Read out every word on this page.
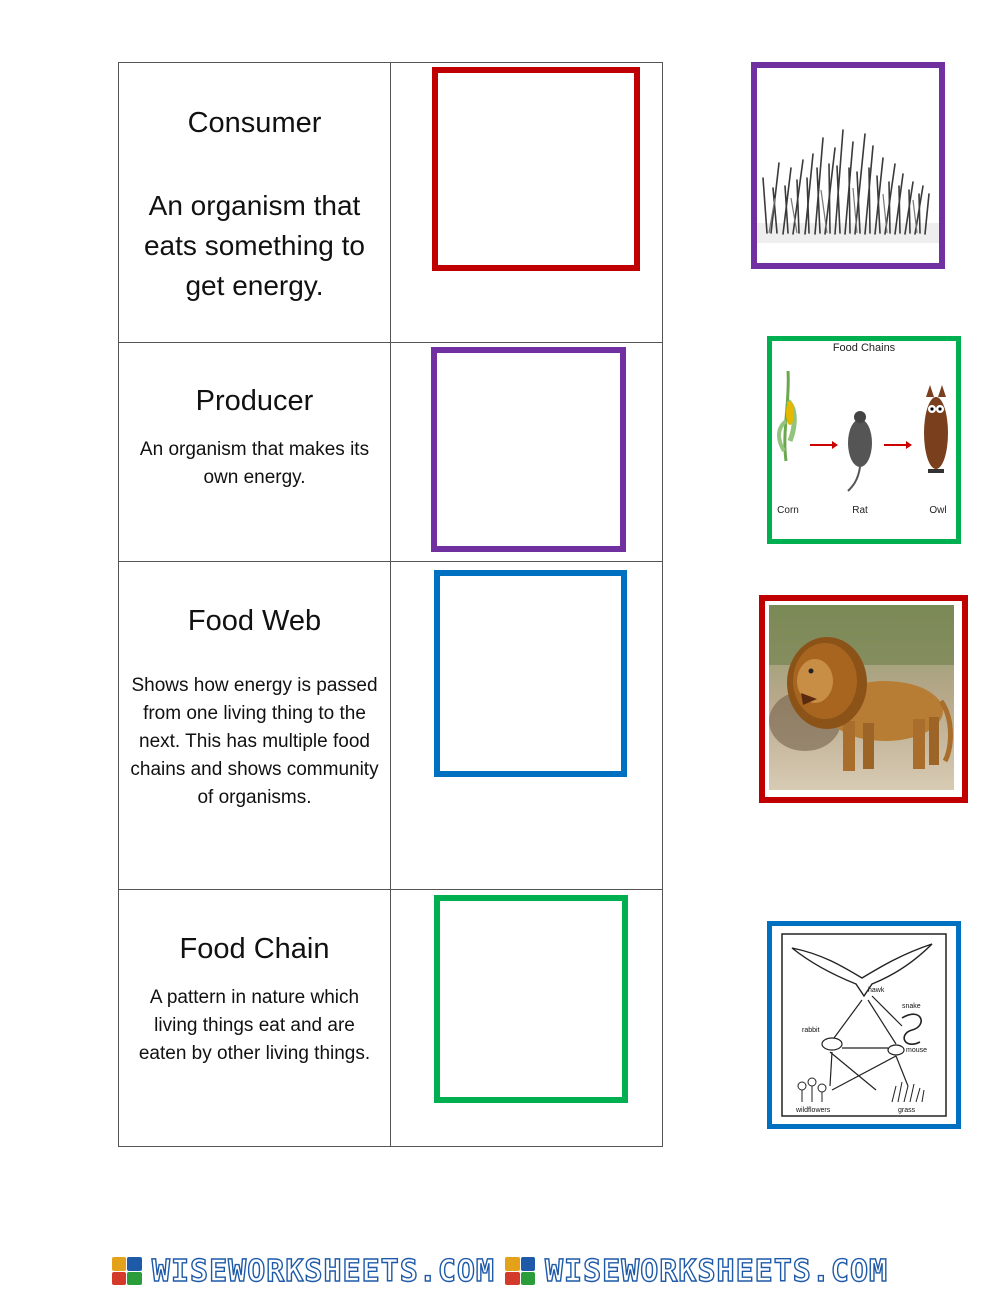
Consumer
An organism that eats something to get energy.
Producer
An organism that makes its own energy.
Food Web
Shows how energy is passed from one living thing to the next. This has multiple food chains and shows community of organisms.
Food Chain
A pattern in nature which living things eat and are eaten by other living things.
Food Chains
Corn	Rat	Owl
hawk
snake
rabbit
mouse
wildflowers	grass
WISEWORKSHEETS.COM WISEWORKSHEETS.COM
